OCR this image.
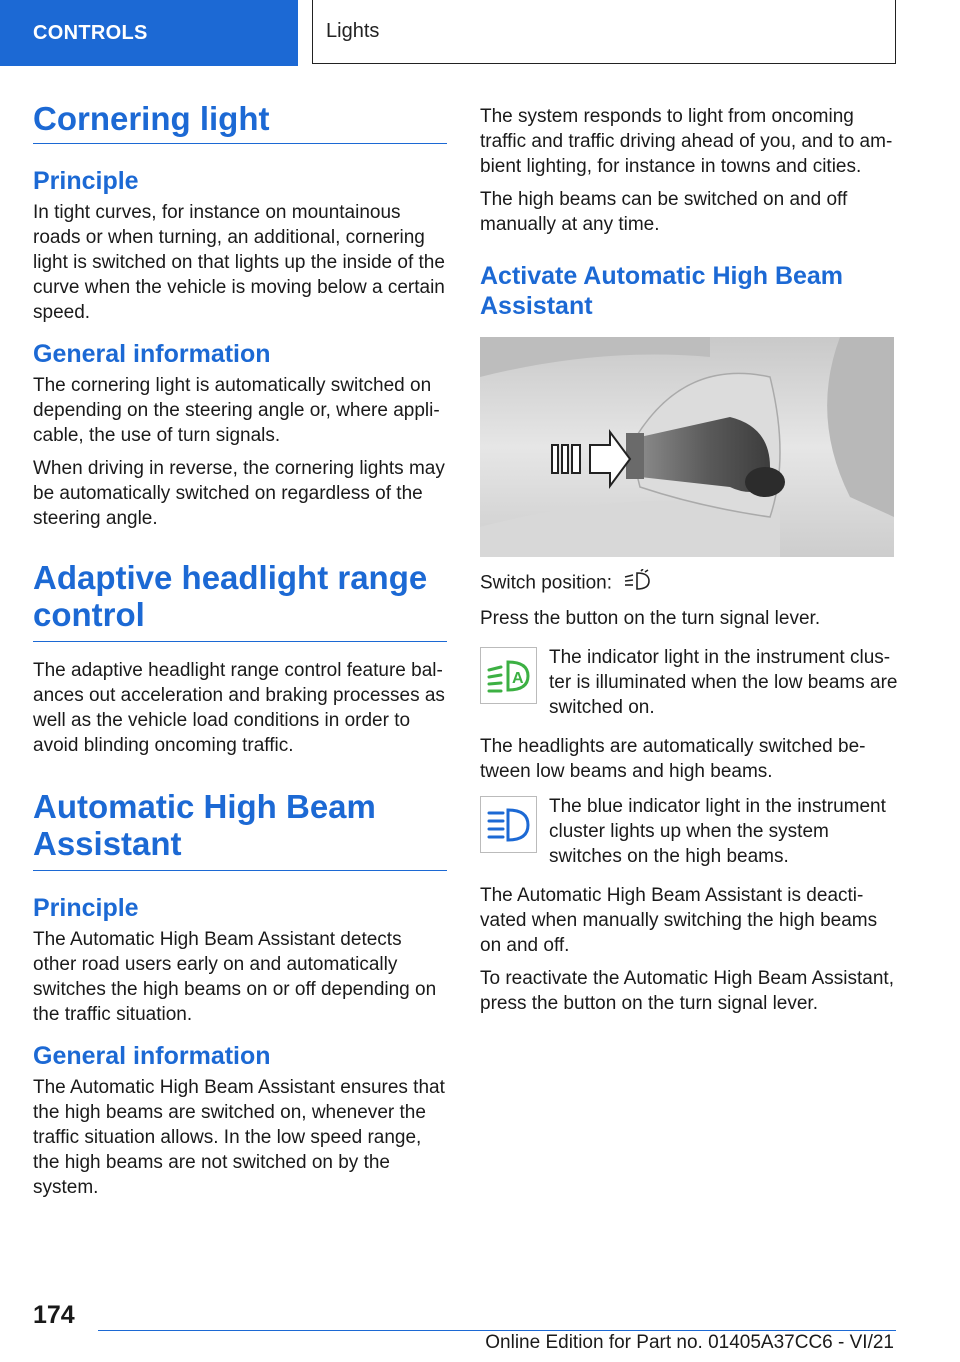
CONTROLS	Lights
Cornering light
Principle

In tight curves, for instance on mountainous roads or when turning, an additional, cornering light is switched on that lights up the inside of the curve when the vehicle is moving below a certain speed.

General information

The cornering light is automatically switched on depending on the steering angle or, where applicable, the use of turn signals.

When driving in reverse, the cornering lights may be automatically switched on regardless of the steering angle.

Adaptive headlight range control

The adaptive headlight range control feature balances out acceleration and braking processes as well as the vehicle load conditions in order to avoid blinding oncoming traffic.

Automatic High Beam Assistant
Principle

The Automatic High Beam Assistant detects other road users early on and automatically switches the high beams on or off depending on the traffic situation.

General information

The Automatic High Beam Assistant ensures that the high beams are switched on, whenever the traffic situation allows. In the low speed range, the high beams are not switched on by the system.

The system responds to light from oncoming traffic and traffic driving ahead of you, and to ambient lighting, for instance in towns and cities.

The high beams can be switched on and off manually at any time.

Activate Automatic High Beam Assistant

Switch position:

Press the button on the turn signal lever.

A

The indicator light in the instrument cluster is illuminated when the low beams are switched on.

The headlights are automatically switched between low beams and high beams.

The blue indicator light in the instrument cluster lights up when the system switches on the high beams.

The Automatic High Beam Assistant is deactivated when manually switching the high beams on and off.

To reactivate the Automatic High Beam Assistant, press the button on the turn signal lever.

174
Online Edition for Part no. 01405A37CC6 - VI/21
